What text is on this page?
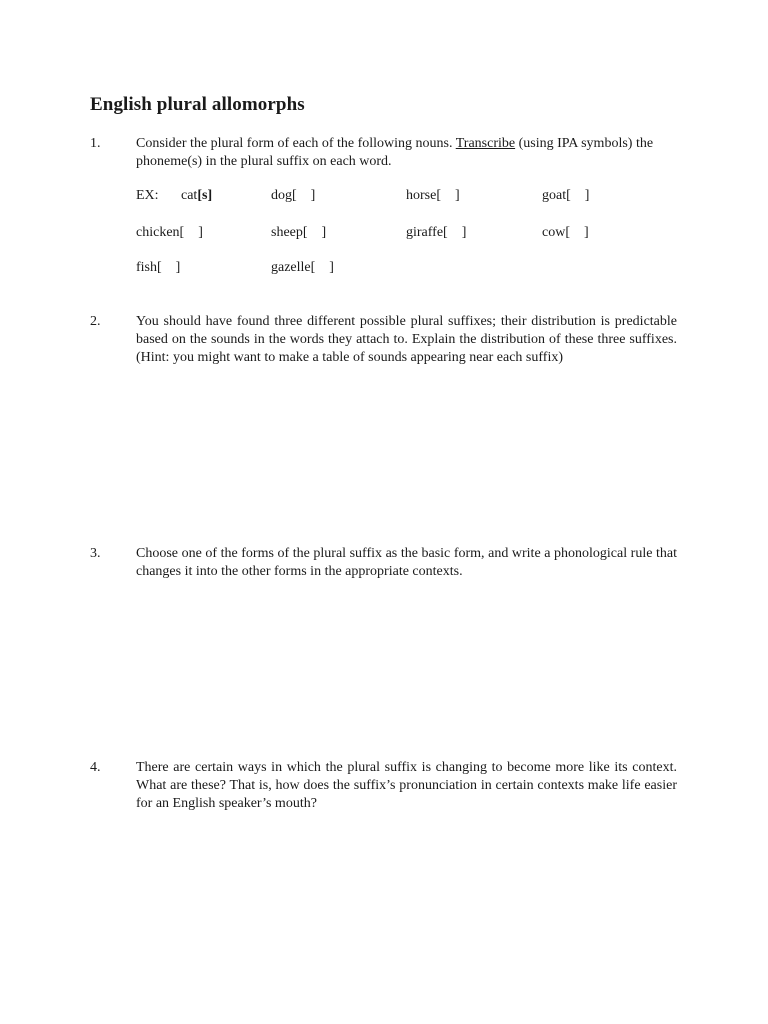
English plural allomorphs
1.	Consider the plural form of each of the following nouns. Transcribe (using IPA symbols) the phoneme(s) in the plural suffix on each word.
EX: cat[s]	dog[    ]	horse[    ]	goat[    ]
chicken[    ]	sheep[    ]	giraffe[    ]	cow[    ]
fish[    ]	gazelle[    ]
2.	You should have found three different possible plural suffixes; their distribution is predictable based on the sounds in the words they attach to. Explain the distribution of these three suffixes. (Hint: you might want to make a table of sounds appearing near each suffix)
3.	Choose one of the forms of the plural suffix as the basic form, and write a phonological rule that changes it into the other forms in the appropriate contexts.
4.	There are certain ways in which the plural suffix is changing to become more like its context. What are these? That is, how does the suffix’s pronunciation in certain contexts make life easier for an English speaker’s mouth?
